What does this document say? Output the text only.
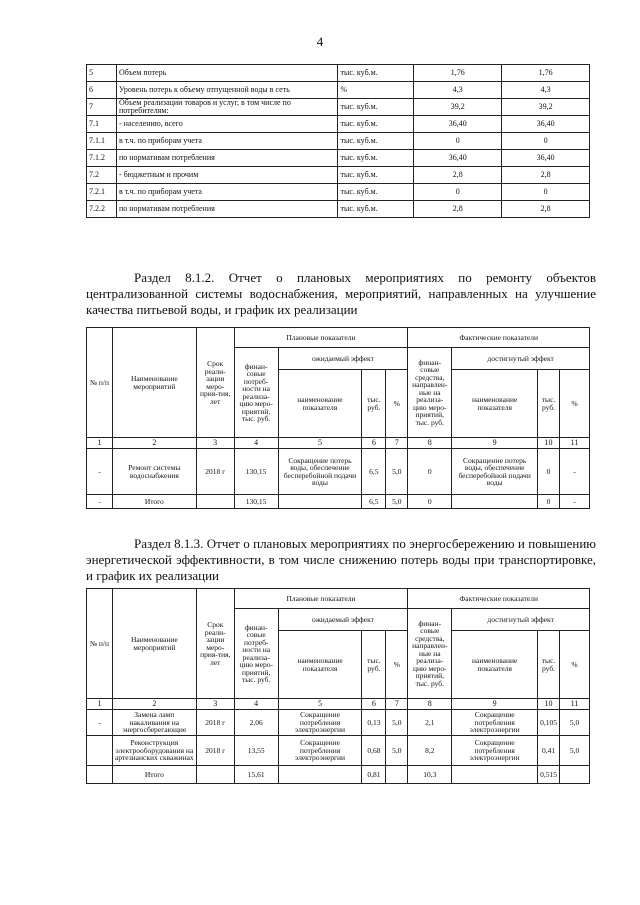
4
5	Объем потерь	тыс. куб.м.	1,76	1,76
6	Уровень потерь к объему отпущенной воды в сеть	%	4,3	4,3
7	Объем реализации товаров и услуг, в том числе по потребителям:	тыс. куб.м.	39,2	39,2
7.1	- населению, всего	тыс. куб.м.	36,40	36,40
7.1.1	в т.ч. по приборам учета	тыс. куб.м.	0	0
7.1.2	по нормативам потребления	тыс. куб.м.	36,40	36,40
7.2	- бюджетным и прочим	тыс. куб.м.	2,8	2,8
7.2.1	в т.ч. по приборам учета	тыс. куб.м.	0	0
7.2.2	по нормативам потребления	тыс. куб.м.	2,8	2,8
Раздел 8.1.2. Отчет о плановых мероприятиях по ремонту объектов централизованной системы водоснабжения, мероприятий, направленных на улучшение качества питьевой воды, и график их реализации
№ п/п	Наименование мероприятий	Срок реали-зации меро-прия-тия, лет	Плановые показатели				Фактические показатели			
			финан-совые потреб-ности на реализа-цию меро-приятий, тыс. руб.	ожидаемый эффект			финан-совые средства, направлен-ные на реализа-цию меро-приятий, тыс. руб.	достигнутый эффект		
				наименование показателя	тыс. руб.	%		наименование показателя	тыс. руб.	%
1	2	3	4	5	6	7	8	9	10	11
-	Ремонт системы водоснабжения	2018 г	130,15	Сокращение потерь воды, обеспечение бесперебойной подачи воды	6,5	5,0	0	Сокращение потерь воды, обеспечение бесперебойной подачи воды	0	-
-	Итого		130,15		6,5	5,0	0		0	-
Раздел 8.1.3. Отчет о плановых мероприятиях по энергосбережению и повышению энергетической эффективности, в том числе снижению потерь воды при транспортировке, и график их реализации
№ п/п	Наименование мероприятий	Срок реали-зации меро-прия-тия, лет	Плановые показатели				Фактические показатели			
			финан-совые потреб-ности на реализа-цию меро-приятий, тыс. руб.	ожидаемый эффект			финан-совые средства, направлен-ные на реализа-цию меро-приятий, тыс. руб.	достигнутый эффект		
				наименование показателя	тыс. руб.	%		наименование показателя	тыс. руб.	%
1	2	3	4	5	6	7	8	9	10	11
-	Замена ламп накаливания на энергосберегающие	2018 г	2,06	Сокращение потребления электроэнергии	0,13	5,0	2,1	Сокращение потребления электроэнергии	0,105	5,0
	Реконструкция электрооборудования на артезианских скважинах	2018 г	13,55	Сокращение потребления электроэнергии	0,68	5,0	8,2	Сокращение потребления электроэнергии	0,41	5,0
	Итого		15,61		0,81		10,3		0,515	
